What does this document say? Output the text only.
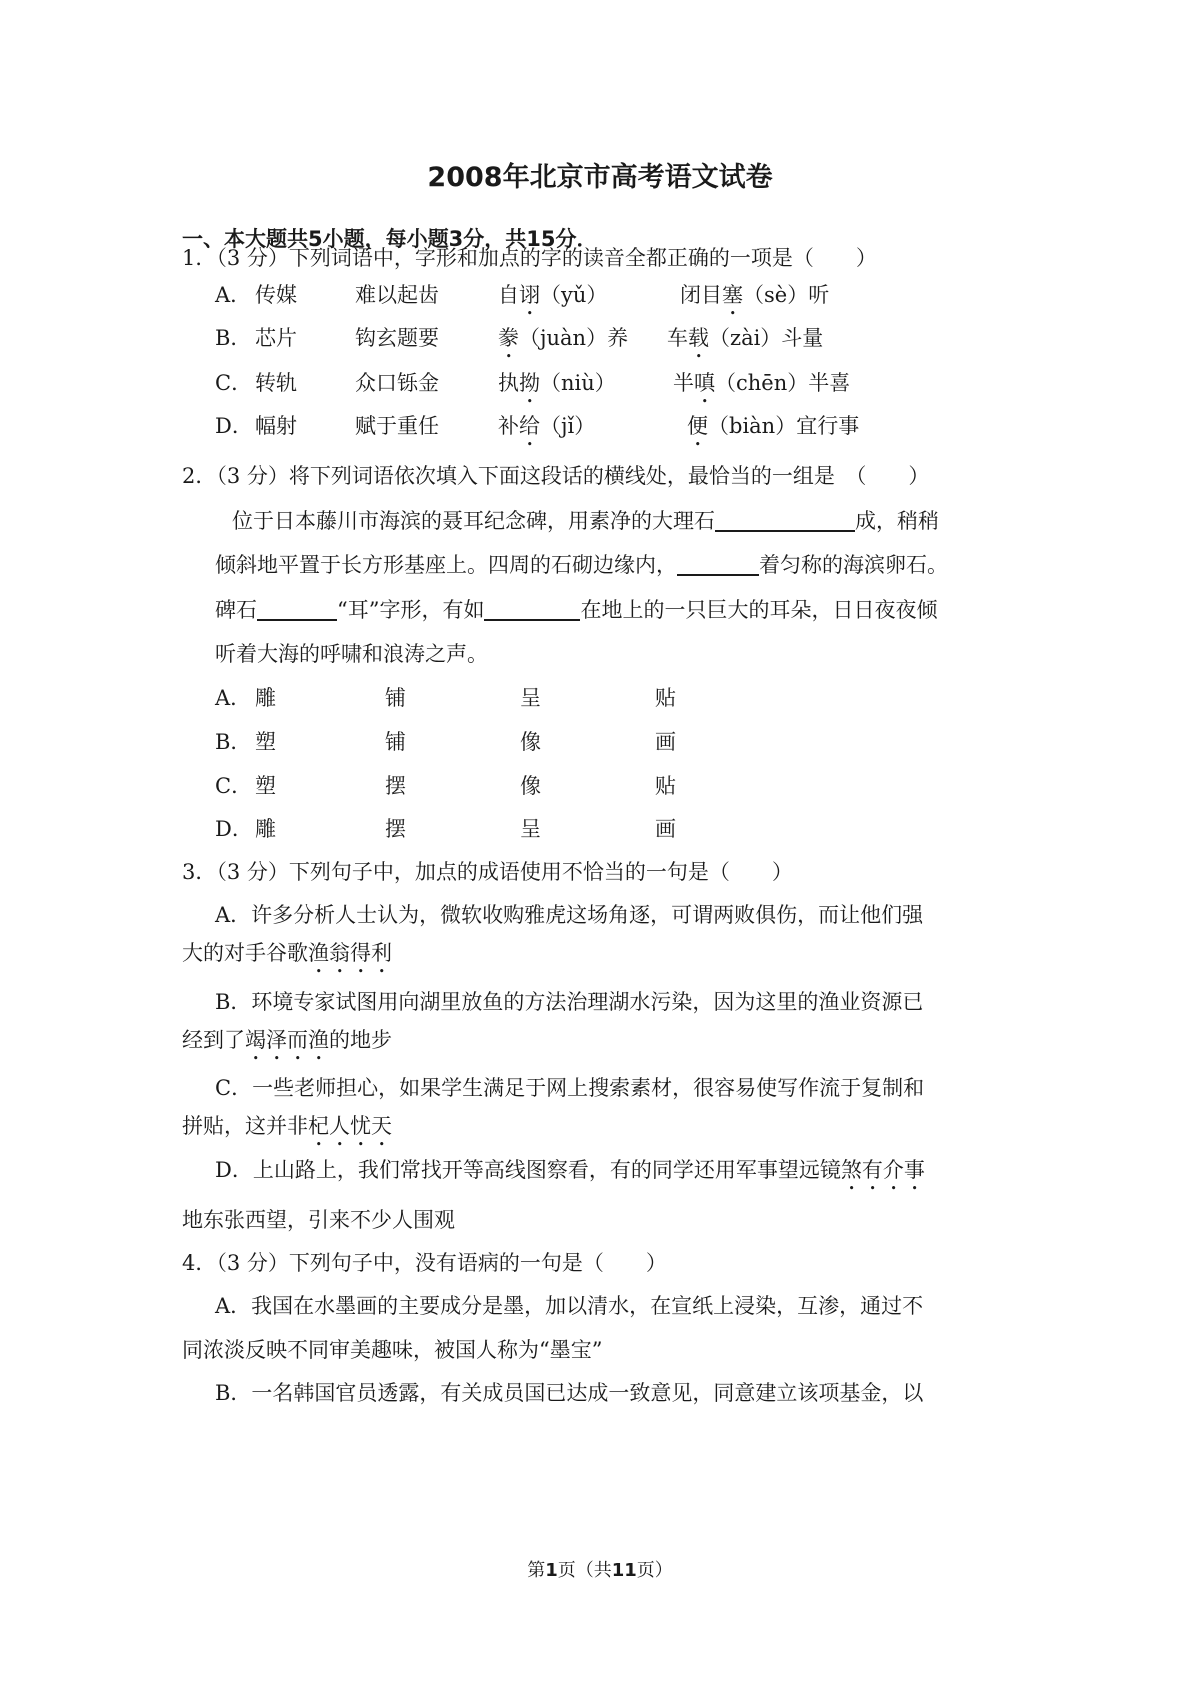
2008年北京市高考语文试卷
一、本大题共5小题，每小题3分，共15分．
1．（3 分）下列词语中，字形和加点的字的读音全都正确的一项是（　　）
A． 传媒	难以起齿	自诩（yǔ）	闭目塞（sè）听
B． 芯片	钩玄题要	豢（juàn）养 车载（zài）斗量
C． 转轨	众口铄金	执拗（niù）	半嗔（chēn）半喜
D． 幅射	赋于重任	补给（jǐ）	便（biàn）宜行事
2．（3 分）将下列词语依次填入下面这段话的横线处，最恰当的一组是　（　　）
位于日本藤川市海滨的聂耳纪念碑，用素净的大理石	成，稍稍
倾斜地平置于长方形基座上。四周的石砌边缘内，	着匀称的海滨卵石。
碑石	“耳”字形，有如	在地上的一只巨大的耳朵，日日夜夜倾
听着大海的呼啸和浪涛之声。
A． 雕	铺	呈	贴
B． 塑	铺	像	画
C． 塑	摆	像	贴
D． 雕	摆	呈	画
3．（3 分）下列句子中，加点的成语使用不恰当的一句是（　　）
A．许多分析人士认为，微软收购雅虎这场角逐，可谓两败俱伤，而让他们强
大的对手谷歌渔翁得利
B．环境专家试图用向湖里放鱼的方法治理湖水污染，因为这里的渔业资源已
经到了竭泽而渔的地步
C．一些老师担心，如果学生满足于网上搜索素材，很容易使写作流于复制和
拼贴，这并非杞人忧天
D．上山路上，我们常找开等高线图察看，有的同学还用军事望远镜煞有介事
地东张西望，引来不少人围观
4．（3 分）下列句子中，没有语病的一句是（　　）
A．我国在水墨画的主要成分是墨，加以清水，在宣纸上浸染，互渗，通过不
同浓淡反映不同审美趣味，被国人称为“墨宝”
B．一名韩国官员透露，有关成员国已达成一致意见，同意建立该项基金，以
第1页（共11页）
